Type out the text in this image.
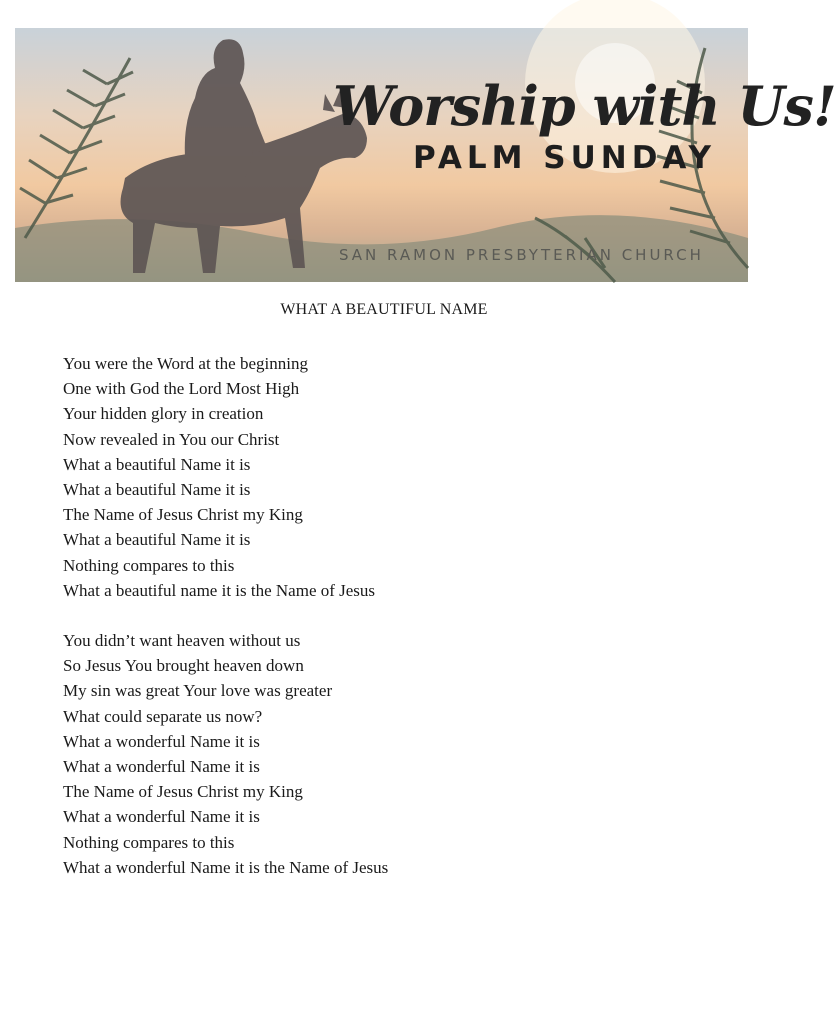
Worship with Us!
PALM SUNDAY
SAN RAMON PRESBYTERIAN CHURCH
WHAT A BEAUTIFUL NAME
You were the Word at the beginning
One with God the Lord Most High
Your hidden glory in creation
Now revealed in You our Christ
What a beautiful Name it is
What a beautiful Name it is
The Name of Jesus Christ my King
What a beautiful Name it is
Nothing compares to this
What a beautiful name it is the Name of Jesus
You didn’t want heaven without us
So Jesus You brought heaven down
My sin was great Your love was greater
What could separate us now?
What a wonderful Name it is
What a wonderful Name it is
The Name of Jesus Christ my King
What a wonderful Name it is
Nothing compares to this
What a wonderful Name it is the Name of Jesus
